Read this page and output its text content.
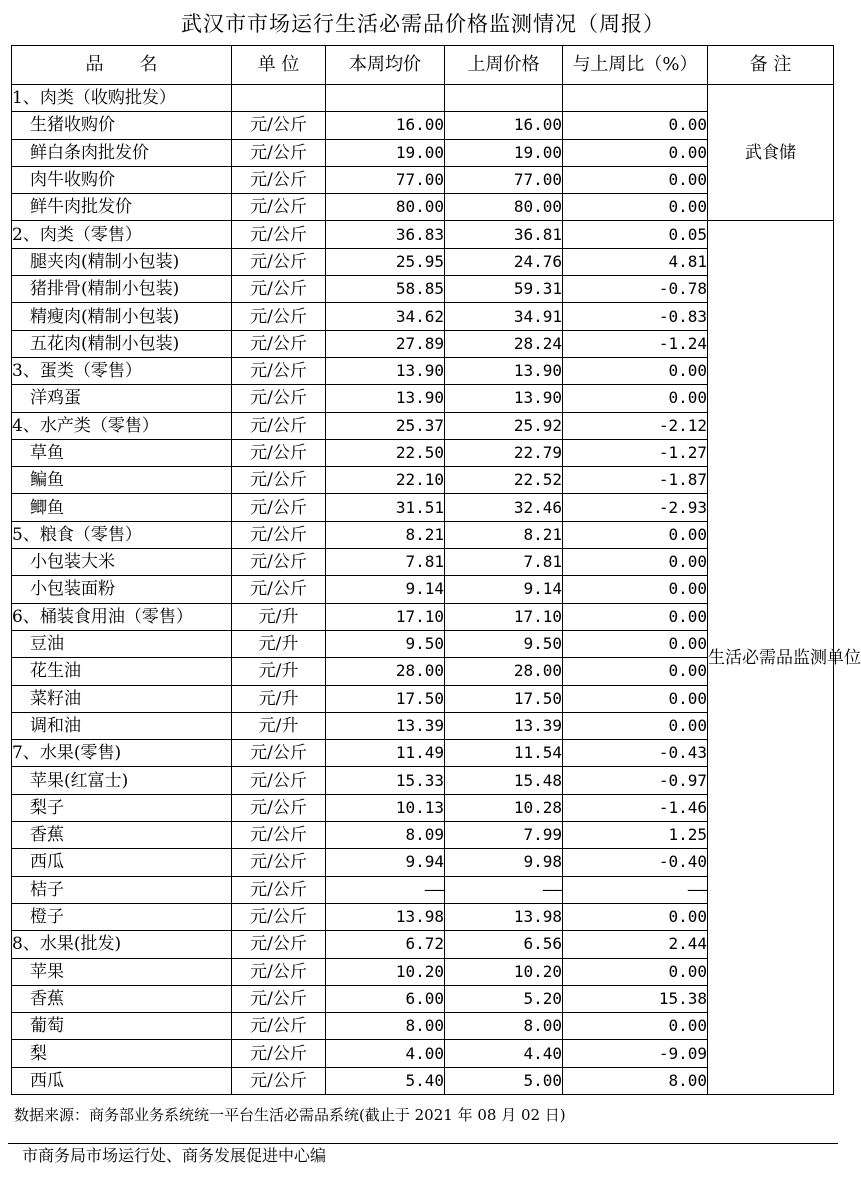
武汉市市场运行生活必需品价格监测情况（周报）
品　　名	单 位	本周均价	上周价格	与上周比（%）	备 注
1、肉类（收购批发）					武食储
生猪收购价	元/公斤	16.00	16.00	0.00	
鲜白条肉批发价	元/公斤	19.00	19.00	0.00	
肉牛收购价	元/公斤	77.00	77.00	0.00	
鲜牛肉批发价	元/公斤	80.00	80.00	0.00	
2、肉类（零售）	元/公斤	36.83	36.81	0.05	生活必需品监测单位
腿夹肉(精制小包装)	元/公斤	25.95	24.76	4.81	
猪排骨(精制小包装)	元/公斤	58.85	59.31	-0.78	
精瘦肉(精制小包装)	元/公斤	34.62	34.91	-0.83	
五花肉(精制小包装)	元/公斤	27.89	28.24	-1.24	
3、蛋类（零售）	元/公斤	13.90	13.90	0.00	
洋鸡蛋	元/公斤	13.90	13.90	0.00	
4、水产类（零售）	元/公斤	25.37	25.92	-2.12	
草鱼	元/公斤	22.50	22.79	-1.27	
鳊鱼	元/公斤	22.10	22.52	-1.87	
鲫鱼	元/公斤	31.51	32.46	-2.93	
5、粮食（零售）	元/公斤	8.21	8.21	0.00	
小包装大米	元/公斤	7.81	7.81	0.00	
小包装面粉	元/公斤	9.14	9.14	0.00	
6、桶装食用油（零售）	元/升	17.10	17.10	0.00	
豆油	元/升	9.50	9.50	0.00	
花生油	元/升	28.00	28.00	0.00	
菜籽油	元/升	17.50	17.50	0.00	
调和油	元/升	13.39	13.39	0.00	
7、水果(零售)	元/公斤	11.49	11.54	-0.43	
苹果(红富士)	元/公斤	15.33	15.48	-0.97	
梨子	元/公斤	10.13	10.28	-1.46	
香蕉	元/公斤	8.09	7.99	1.25	
西瓜	元/公斤	9.94	9.98	-0.40	
桔子	元/公斤	——	——	——	
橙子	元/公斤	13.98	13.98	0.00	
8、水果(批发)	元/公斤	6.72	6.56	2.44	
苹果	元/公斤	10.20	10.20	0.00	
香蕉	元/公斤	6.00	5.20	15.38	
葡萄	元/公斤	8.00	8.00	0.00	
梨	元/公斤	4.00	4.40	-9.09	
西瓜	元/公斤	5.40	5.00	8.00	
数据来源：商务部业务系统统一平台生活必需品系统(截止于 2021 年 08 月 02 日)
市商务局市场运行处、商务发展促进中心编
